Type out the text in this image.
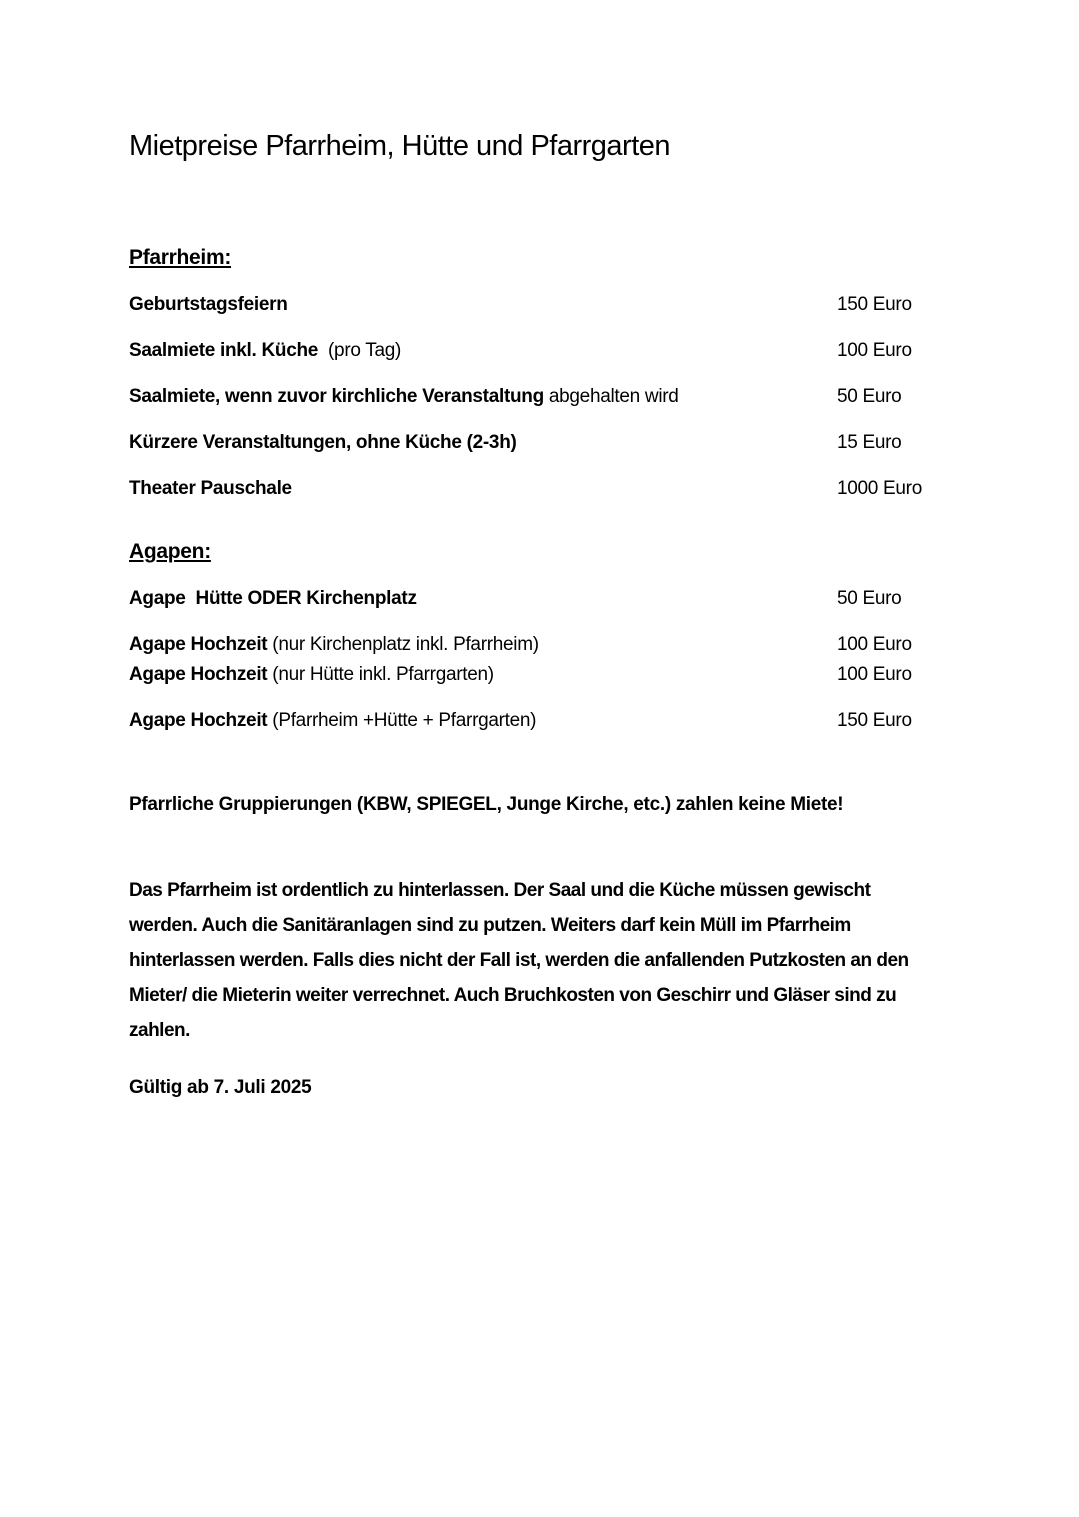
Mietpreise Pfarrheim, Hütte und Pfarrgarten
Pfarrheim:
Geburtstagsfeiern	150 Euro
Saalmiete inkl. Küche  (pro Tag)	100 Euro
Saalmiete, wenn zuvor kirchliche Veranstaltung abgehalten wird	50 Euro
Kürzere Veranstaltungen, ohne Küche (2-3h)	15 Euro
Theater Pauschale	1000 Euro
Agapen:
Agape  Hütte ODER Kirchenplatz	50 Euro
Agape Hochzeit (nur Kirchenplatz inkl. Pfarrheim)	100 Euro
Agape Hochzeit (nur Hütte inkl. Pfarrgarten)	100 Euro
Agape Hochzeit (Pfarrheim +Hütte + Pfarrgarten)	150 Euro

Pfarrliche Gruppierungen (KBW, SPIEGEL, Junge Kirche, etc.) zahlen keine Miete!

Das Pfarrheim ist ordentlich zu hinterlassen. Der Saal und die Küche müssen gewischt werden. Auch die Sanitäranlagen sind zu putzen. Weiters darf kein Müll im Pfarrheim hinterlassen werden. Falls dies nicht der Fall ist, werden die anfallenden Putzkosten an den Mieter/ die Mieterin weiter verrechnet. Auch Bruchkosten von Geschirr und Gläser sind zu zahlen.

Gültig ab 7. Juli 2025
